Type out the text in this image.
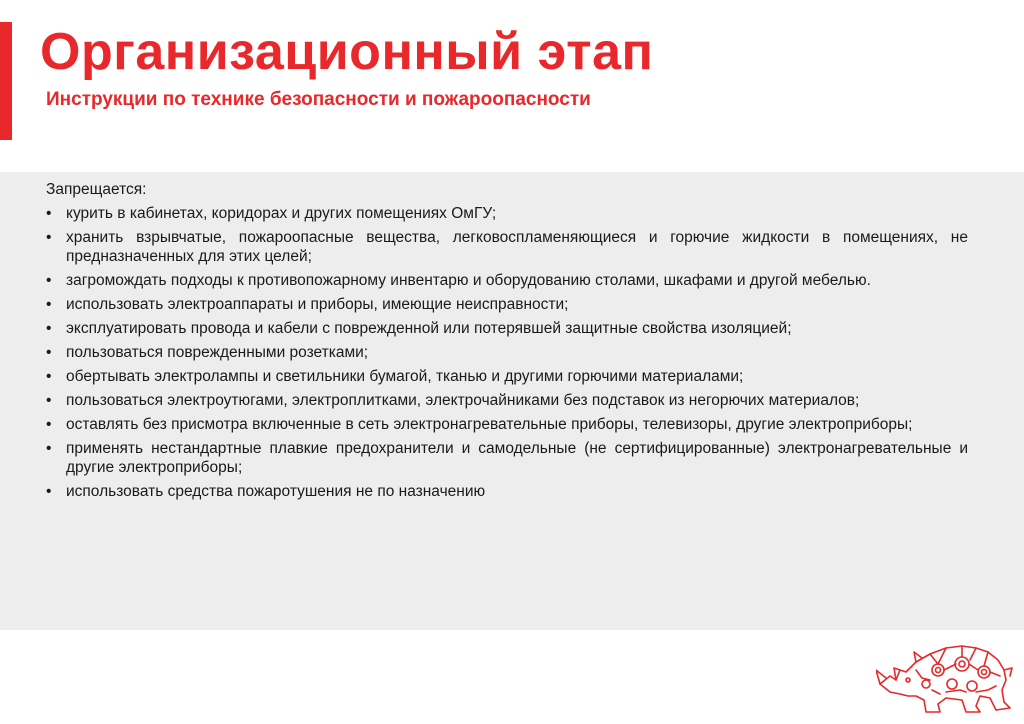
Организационный этап
Инструкции по технике безопасности и пожароопасности

Запрещается:

• курить в кабинетах, коридорах и других помещениях ОмГУ;
• хранить взрывчатые, пожароопасные вещества, легковоспламеняющиеся и горючие жидкости в помещениях, не предназначенных для этих целей;
• загромождать подходы к противопожарному инвентарю и оборудованию столами, шкафами и другой мебелью.
• использовать электроаппараты и приборы, имеющие неисправности;
• эксплуатировать провода и кабели с поврежденной или потерявшей защитные свойства изоляцией;
• пользоваться поврежденными розетками;
• обертывать электролампы и светильники бумагой, тканью и другими горючими материалами;
• пользоваться электроутюгами, электроплитками, электрочайниками без подставок из негорючих материалов;
• оставлять без присмотра включенные в сеть электронагревательные приборы, телевизоры, другие электроприборы;
• применять нестандартные плавкие предохранители и самодельные (не сертифицированные) электронагревательные и другие электроприборы;
• использовать средства пожаротушения не по назначению
